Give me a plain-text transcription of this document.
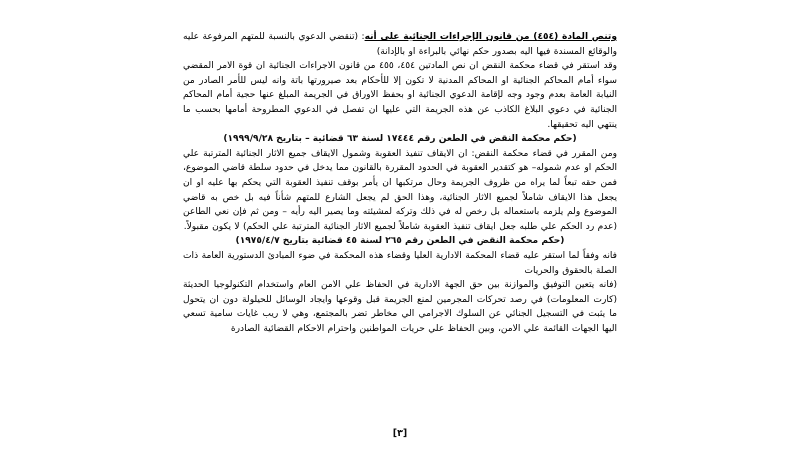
وتنص المادة (٤٥٤) من قانون الإجراءات الجنائية على أنه: (تنقضي الدعوي بالنسبة للمتهم المرفوعة عليه والوقائع المسندة فيها اليه بصدور حكم نهائي بالبراءة او بالإدانة)

وقد استقر في قضاء محكمة النقض ان نص المادتين ٤٥٤، ٤٥٥ من قانون الاجراءات الجنائية ان قوة الامر المقضي سواء أمام المحاكم الجنائية او المحاكم المدنية لا تكون إلا للأحكام بعد صيرورتها باتة وانه ليس للأمر الصادر من النيابة العامة بعدم وجود وجه لإقامة الدعوي الجنائية او بحفظ الاوراق في الجريمة المبلغ عنها حجية أمام المحاكم الجنائية في دعوي البلاغ الكاذب عن هذه الجريمة التي عليها ان تفصل في الدعوي المطروحة أمامها بحسب ما ينتهي اليه تحقيقها.

(حكم محكمة النقض في الطعن رقم ١٧٤٤٤ لسنة ٦٣ قضائية – بتاريخ ١٩٩٩/٩/٢٨)

ومن المقرر في قضاء محكمة النقض: ان الايقاف تنفيذ العقوبة وشمول الايقاف جميع الاثار الجنائية المترتبة علي الحكم او عدم شموله– هو كتقدير العقوبة في الحدود المقررة بالقانون مما يدخل في حدود سلطة قاضي الموضوع، فمن حقه تبعاً لما يراه من ظروف الجريمة وحال مرتكبها ان يأمر بوقف تنفيذ العقوبة التي يحكم بها عليه او ان يجعل هذا الايقاف شاملاً لجميع الاثار الجنائية، وهذا الحق لم يجعل الشارع للمتهم شأناً فيه بل خص به قاضي الموضوع ولم يلزمه باستعماله بل رخص له في ذلك وتركه لمشيئته وما يصير اليه رأيه – ومن ثم فإن نعي الطاعن (عدم رد الحكم علي طلبه جعل ايقاف تنفيذ العقوبة شاملاً لجميع الاثار الجنائية المترتبة علي الحكم) لا يكون مقبولاً.

(حكم محكمة النقض في الطعن رقم ٢٦٥ لسنة ٤٥ قضائية بتاريخ ١٩٧٥/٤/٧)

فانه وفقاً لما استقر عليه قضاء المحكمة الادارية العليا وقضاء هذه المحكمة في ضوء المبادئ الدستورية العامة ذات الصلة بالحقوق والحريات

(فانه يتعين التوفيق والموازنة بين حق الجهة الادارية في الحفاظ علي الامن العام واستخدام التكنولوجيا الحديثة (كارت المعلومات) في رصد تحركات المجرمين لمنع الجريمة قبل وقوعها وايجاد الوسائل للحيلولة دون ان يتحول ما يثبت في التسجيل الجنائي عن السلوك الاجرامي الي مخاطر تضر بالمجتمع، وهي لا ريب غايات سامية تسعي اليها الجهات القائمة علي الامن، وبين الحفاظ علي حريات المواطنين واحترام الاحكام القضائية الصادرة

[٣]
